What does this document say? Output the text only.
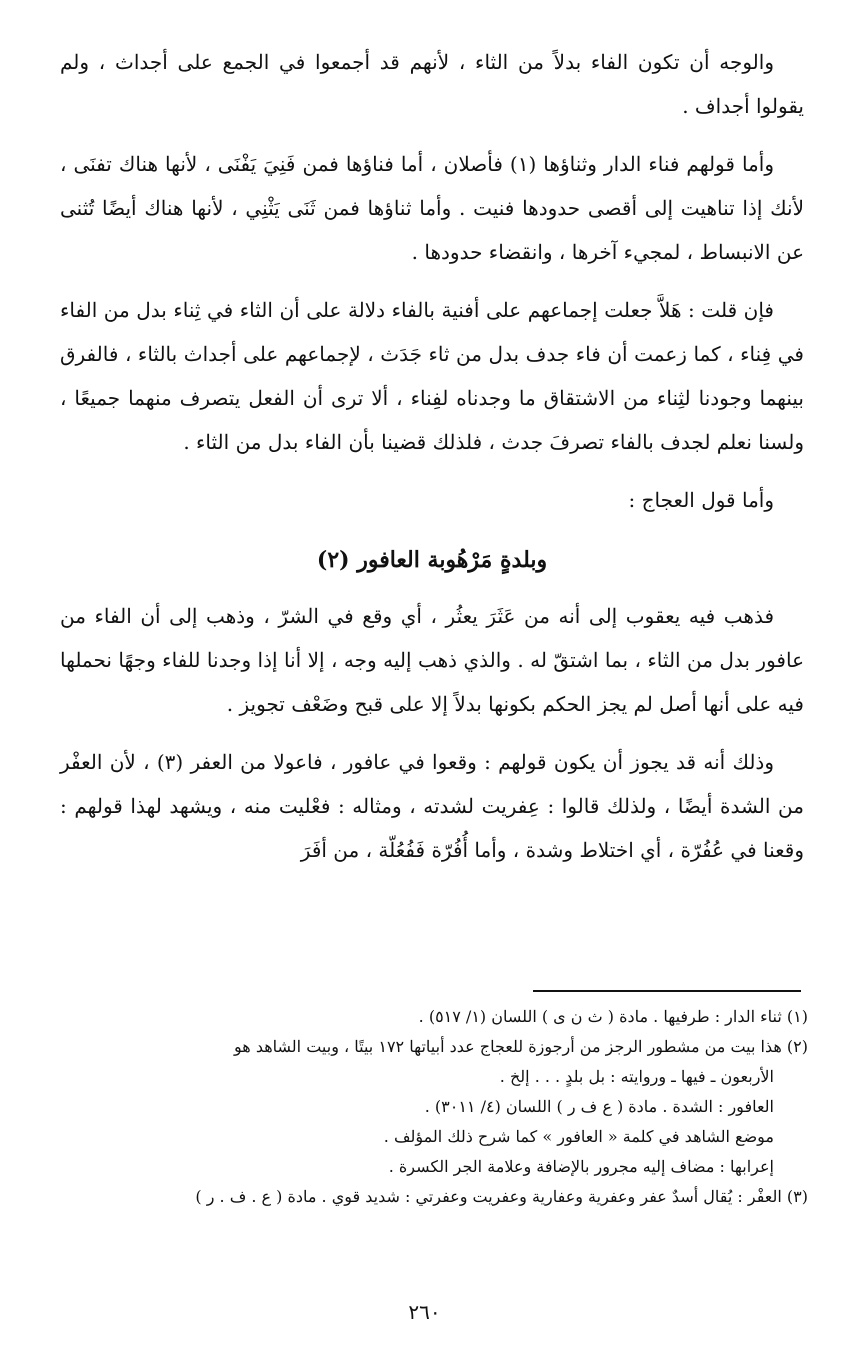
والوجه أن تكون الفاء بدلاً من الثاء ، لأنهم قد أجمعوا في الجمع على أجداث ، ولم يقولوا أجداف .

وأما قولهم فناء الدار وثناؤها (١) فأصلان ، أما فناؤها فمن فَنِيَ يَفْنَى ، لأنها هناك تفنَى ، لأنك إذا تناهيت إلى أقصى حدودها فنيت . وأما ثناؤها فمن ثَنَى يَثْنِي ، لأنها هناك أيضًا تُثنى عن الانبساط ، لمجيء آخرها ، وانقضاء حدودها .

فإن قلت : هَلاَّ جعلت إجماعهم على أفنية بالفاء دلالة على أن الثاء في ثِناء بدل من الفاء في فِناء ، كما زعمت أن فاء جدف بدل من ثاء جَدَث ، لإجماعهم على أجداث بالثاء ، فالفرق بينهما وجودنا لثِناء من الاشتقاق ما وجدناه لفِناء ، ألا ترى أن الفعل يتصرف منهما جميعًا ، ولسنا نعلم لجدف بالفاء تصرفَ جدث ، فلذلك قضينا بأن الفاء بدل من الثاء .

وأما قول العجاج :

وبلدةٍ مَرْهُوبة العافور (٢)

فذهب فيه يعقوب إلى أنه من عَثَرَ يعثُر ، أي وقع في الشرّ ، وذهب إلى أن الفاء من عافور بدل من الثاء ، بما اشتقّ له . والذي ذهب إليه وجه ، إلا أنا إذا وجدنا للفاء وجهًا نحملها فيه على أنها أصل لم يجز الحكم بكونها بدلاً إلا على قبح وضَعْف تجويز .

وذلك أنه قد يجوز أن يكون قولهم : وقعوا في عافور ، فاعولا من العفر (٣) ، لأن العفْر من الشدة أيضًا ، ولذلك قالوا : عِفريت لشدته ، ومثاله : فعْليت منه ، ويشهد لهذا قولهم : وقعنا في عُفُرّة ، أي اختلاط وشدة ، وأما أُفُرّة فَفُعُلّة ، من أفَرَ

(١) ثناء الدار : طرفيها . مادة ( ث ن ى ) اللسان (١/ ٥١٧) .

(٢) هذا بيت من مشطور الرجز من أرجوزة للعجاج عدد أبياتها ١٧٢ بيتًا ، وبيت الشاهد هو

الأربعون ـ فيها ـ وروايته : بل بلدٍ . . . إلخ .

العافور : الشدة . مادة ( ع ف ر ) اللسان (٤/ ٣٠١١) .

موضع الشاهد في كلمة « العافور » كما شرح ذلك المؤلف .

إعرابها : مضاف إليه مجرور بالإضافة وعلامة الجر الكسرة .

(٣) العفْر : يُقال أسدٌ عفر وعفرية وعفارية وعفريت وعفرتي : شديد قوي . مادة ( ع . ف . ر )

٢٦٠
